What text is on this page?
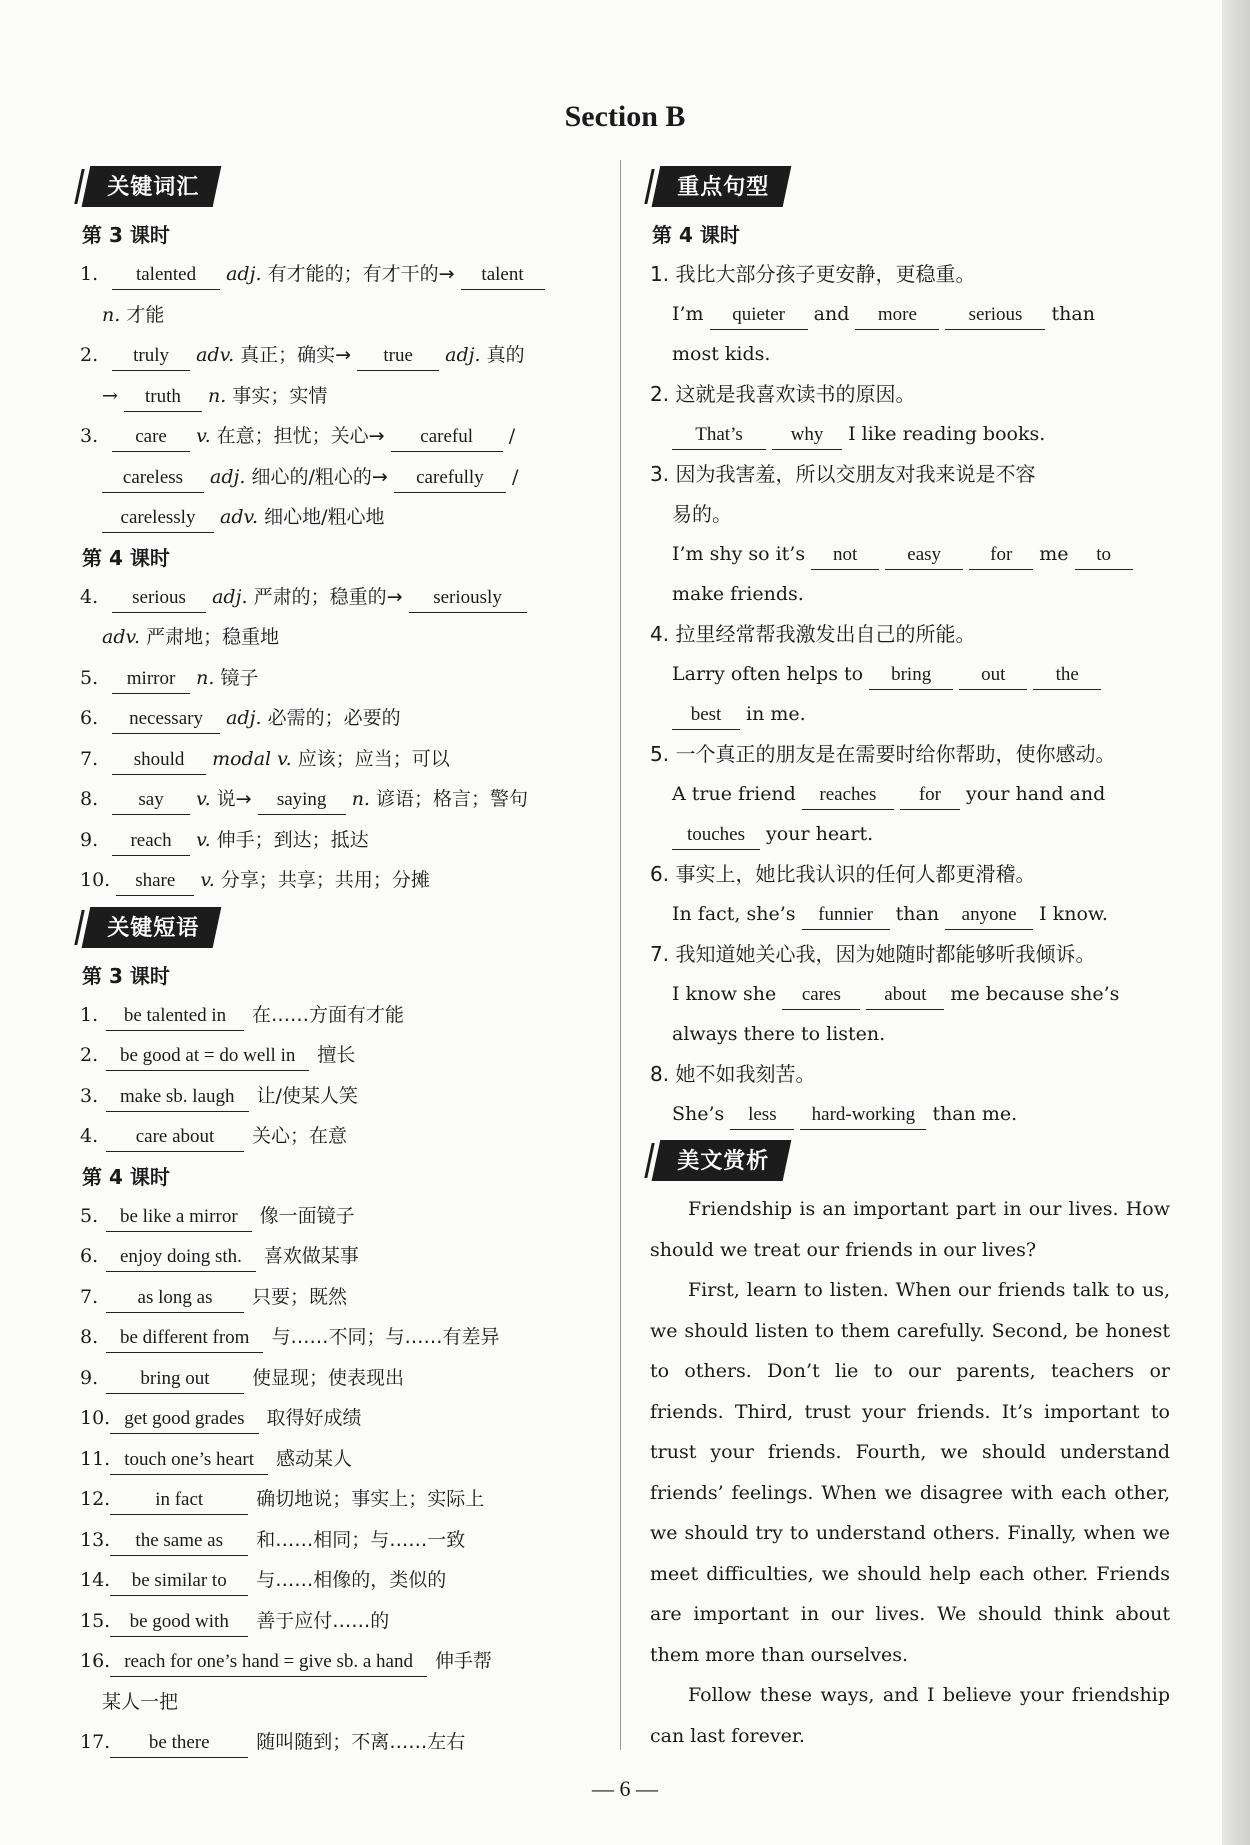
Section B
关键词汇
第 3 课时
1. talented adj. 有才能的；有才干的→ talent
n. 才能
2. truly adv. 真正；确实→ true adj. 真的
→ truth n. 事实；实情
3. care v. 在意；担忧；关心→ careful /
careless adj. 细心的/粗心的→ carefully /
carelessly adv. 细心地/粗心地
第 4 课时
4. serious adj. 严肃的；稳重的→ seriously
adv. 严肃地；稳重地
5. mirror n. 镜子
6. necessary adj. 必需的；必要的
7. should modal v. 应该；应当；可以
8. say v. 说→ saying n. 谚语；格言；警句
9. reach v. 伸手；到达；抵达
10. share v. 分享；共享；共用；分摊
关键短语
第 3 课时
1. be talented in 在……方面有才能
2. be good at = do well in 擅长
3. make sb. laugh 让/使某人笑
4. care about 关心；在意
第 4 课时
5. be like a mirror 像一面镜子
6. enjoy doing sth. 喜欢做某事
7. as long as 只要；既然
8. be different from 与……不同；与……有差异
9. bring out 使显现；使表现出
10. get good grades 取得好成绩
11. touch one’s heart 感动某人
12. in fact	确切地说；事实上；实际上
13. the same as 和……相同；与……一致
14. be similar to 与……相像的，类似的
15. be good with 善于应付……的
16. reach for one’s hand = give sb. a hand 伸手帮
某人一把
17. be there 随叫随到；不离……左右
重点句型
第 4 课时
1. 我比大部分孩子更安静，更稳重。
I’m quieter and more	serious than
most kids.
2. 这就是我喜欢读书的原因。
That’s	why I like reading books.
3. 因为我害羞，所以交朋友对我来说是不容
易的。
I’m shy so it’s not	easy	for me to
make friends.
4. 拉里经常帮我激发出自己的所能。
Larry often helps to bring	out	the
best in me.
5. 一个真正的朋友是在需要时给你帮助，使你感动。
A true friend reaches for your hand and
touches your heart.
6. 事实上，她比我认识的任何人都更滑稽。
In fact, she’s funnier than anyone I know.
7. 我知道她关心我，因为她随时都能够听我倾诉。
I know she cares about me because she’s
always there to listen.
8. 她不如我刻苦。
She’s less hard-working than me.
美文赏析

Friendship is an important part in our lives. How should we treat our friends in our lives?

First, learn to listen. When our friends talk to us, we should listen to them carefully. Second, be honest to others. Don’t lie to our parents, teachers or friends. Third, trust your friends. It’s important to trust your friends. Fourth, we should understand friends’ feelings. When we disagree with each other, we should try to understand others. Finally, when we meet difficulties, we should help each other. Friends are important in our lives. We should think about them more than ourselves.

Follow these ways, and I believe your friendship can last forever.

— 6 —
